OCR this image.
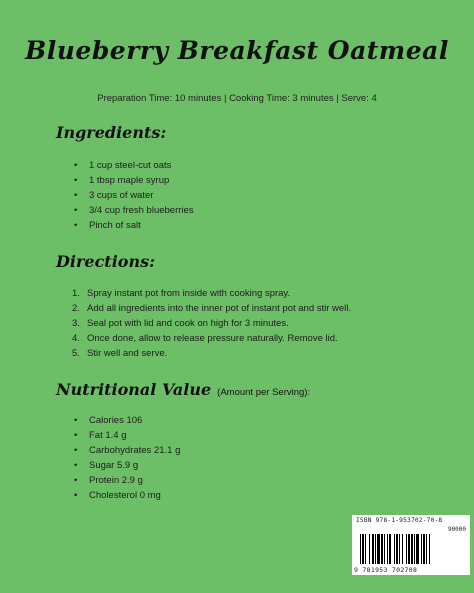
Blueberry Breakfast Oatmeal
Preparation Time: 10 minutes | Cooking Time: 3 minutes | Serve: 4
Ingredients:
• 1 cup steel-cut oats
• 1 tbsp maple syrup
• 3 cups of water
• 3/4 cup fresh blueberries
• Pinch of salt
Directions:
1. Spray instant pot from inside with cooking spray.
2. Add all ingredients into the inner pot of instant pot and stir well.
3. Seal pot with lid and cook on high for 3 minutes.
4. Once done, allow to release pressure naturally. Remove lid.
5. Stir well and serve.
Nutritional Value (Amount per Serving):
• Calories 106
• Fat 1.4 g
• Carbohydrates 21.1 g
• Sugar 5.9 g
• Protein 2.9 g
• Cholesterol 0 mg
ISBN 978-1-953702-70-8
90000
9 781953 702708
